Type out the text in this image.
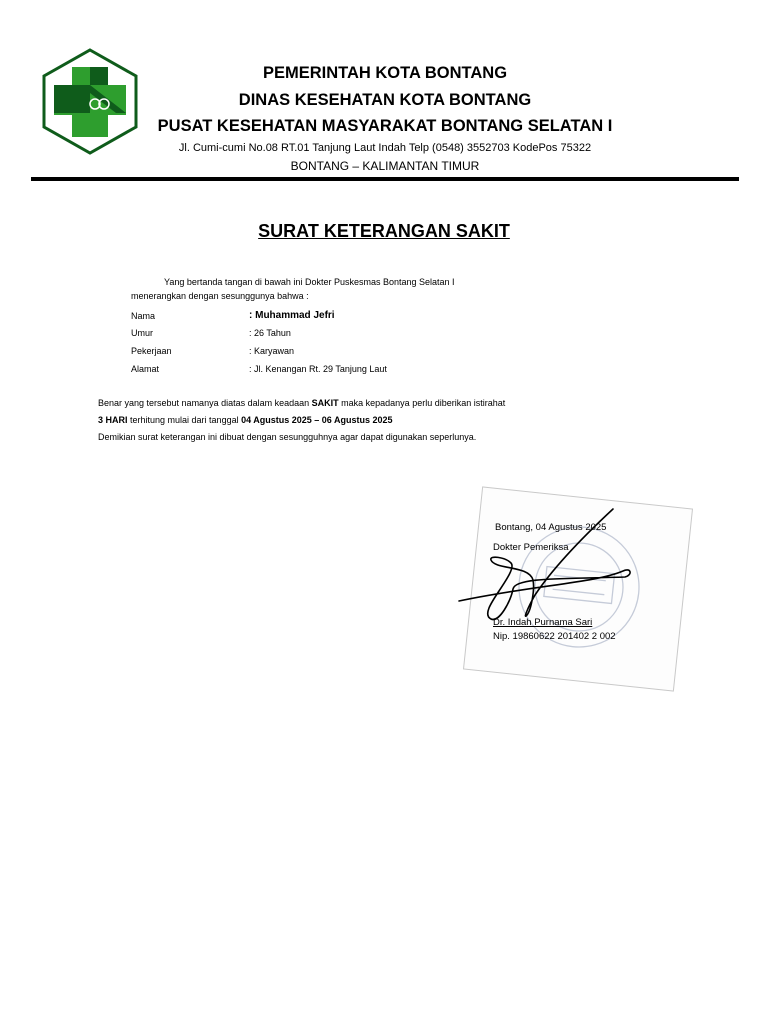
PEMERINTAH KOTA BONTANG
DINAS KESEHATAN KOTA BONTANG
PUSAT KESEHATAN MASYARAKAT BONTANG SELATAN I
Jl. Cumi-cumi No.08 RT.01 Tanjung Laut Indah Telp (0548) 3552703 KodePos 75322
BONTANG – KALIMANTAN TIMUR
SURAT KETERANGAN SAKIT
Yang bertanda tangan di bawah ini Dokter Puskesmas Bontang Selatan I
menerangkan dengan sesunggunya bahwa :
Nama	: Muhammad Jefri
Umur	: 26 Tahun
Pekerjaan	: Karyawan
Alamat	: Jl. Kenangan Rt. 29 Tanjung Laut
Benar yang tersebut namanya diatas dalam keadaan SAKIT maka kepadanya perlu diberikan istirahat
3 HARI terhitung mulai dari tanggal 04 Agustus 2025 – 06 Agustus 2025
Demikian surat keterangan ini dibuat dengan sesungguhnya agar dapat digunakan seperlunya.
Bontang, 04 Agustus 2025
Dokter Pemeriksa
Dr. Indah Purnama Sari
Nip. 19860622 201402 2 002
